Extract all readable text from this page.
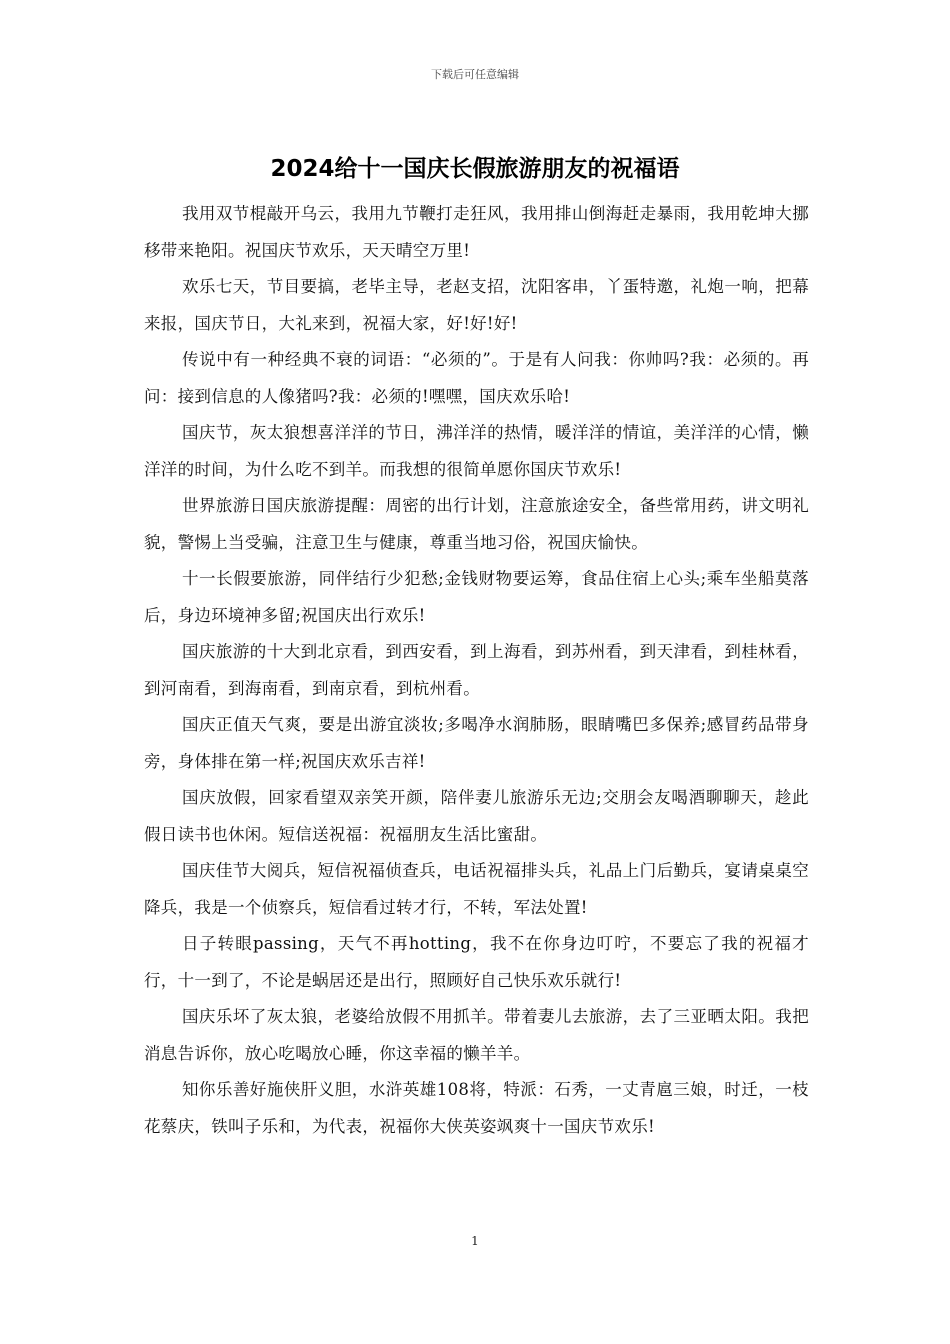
下载后可任意编辑
2024给十一国庆长假旅游朋友的祝福语

我用双节棍敲开乌云，我用九节鞭打走狂风，我用排山倒海赶走暴雨，我用乾坤大挪移带来艳阳。祝国庆节欢乐，天天晴空万里!

欢乐七天，节目要搞，老毕主导，老赵支招，沈阳客串，丫蛋特邀，礼炮一响，把幕来报，国庆节日，大礼来到，祝福大家，好!好!好!

传说中有一种经典不衰的词语：“必须的”。于是有人问我：你帅吗?我：必须的。再问：接到信息的人像猪吗?我：必须的!嘿嘿，国庆欢乐哈!

国庆节，灰太狼想喜洋洋的节日，沸洋洋的热情，暖洋洋的情谊，美洋洋的心情，懒洋洋的时间，为什么吃不到羊。而我想的很简单愿你国庆节欢乐!

世界旅游日国庆旅游提醒：周密的出行计划，注意旅途安全，备些常用药，讲文明礼貌，警惕上当受骗，注意卫生与健康，尊重当地习俗，祝国庆愉快。

十一长假要旅游，同伴结行少犯愁;金钱财物要运筹，食品住宿上心头;乘车坐船莫落后，身边环境神多留;祝国庆出行欢乐!

国庆旅游的十大到北京看，到西安看，到上海看，到苏州看，到天津看，到桂林看，到河南看，到海南看，到南京看，到杭州看。

国庆正值天气爽，要是出游宜淡妆;多喝净水润肺肠，眼睛嘴巴多保养;感冒药品带身旁，身体排在第一样;祝国庆欢乐吉祥!

国庆放假，回家看望双亲笑开颜，陪伴妻儿旅游乐无边;交朋会友喝酒聊聊天，趁此假日读书也休闲。短信送祝福：祝福朋友生活比蜜甜。

国庆佳节大阅兵，短信祝福侦查兵，电话祝福排头兵，礼品上门后勤兵，宴请桌桌空降兵，我是一个侦察兵，短信看过转才行，不转，军法处置!

日子转眼passing，天气不再hotting，我不在你身边叮咛，不要忘了我的祝福才行，十一到了，不论是蜗居还是出行，照顾好自己快乐欢乐就行!

国庆乐坏了灰太狼，老婆给放假不用抓羊。带着妻儿去旅游，去了三亚晒太阳。我把消息告诉你，放心吃喝放心睡，你这幸福的懒羊羊。

知你乐善好施侠肝义胆，水浒英雄108将，特派：石秀，一丈青扈三娘，时迁，一枝花蔡庆，铁叫子乐和，为代表，祝福你大侠英姿飒爽十一国庆节欢乐!

1
